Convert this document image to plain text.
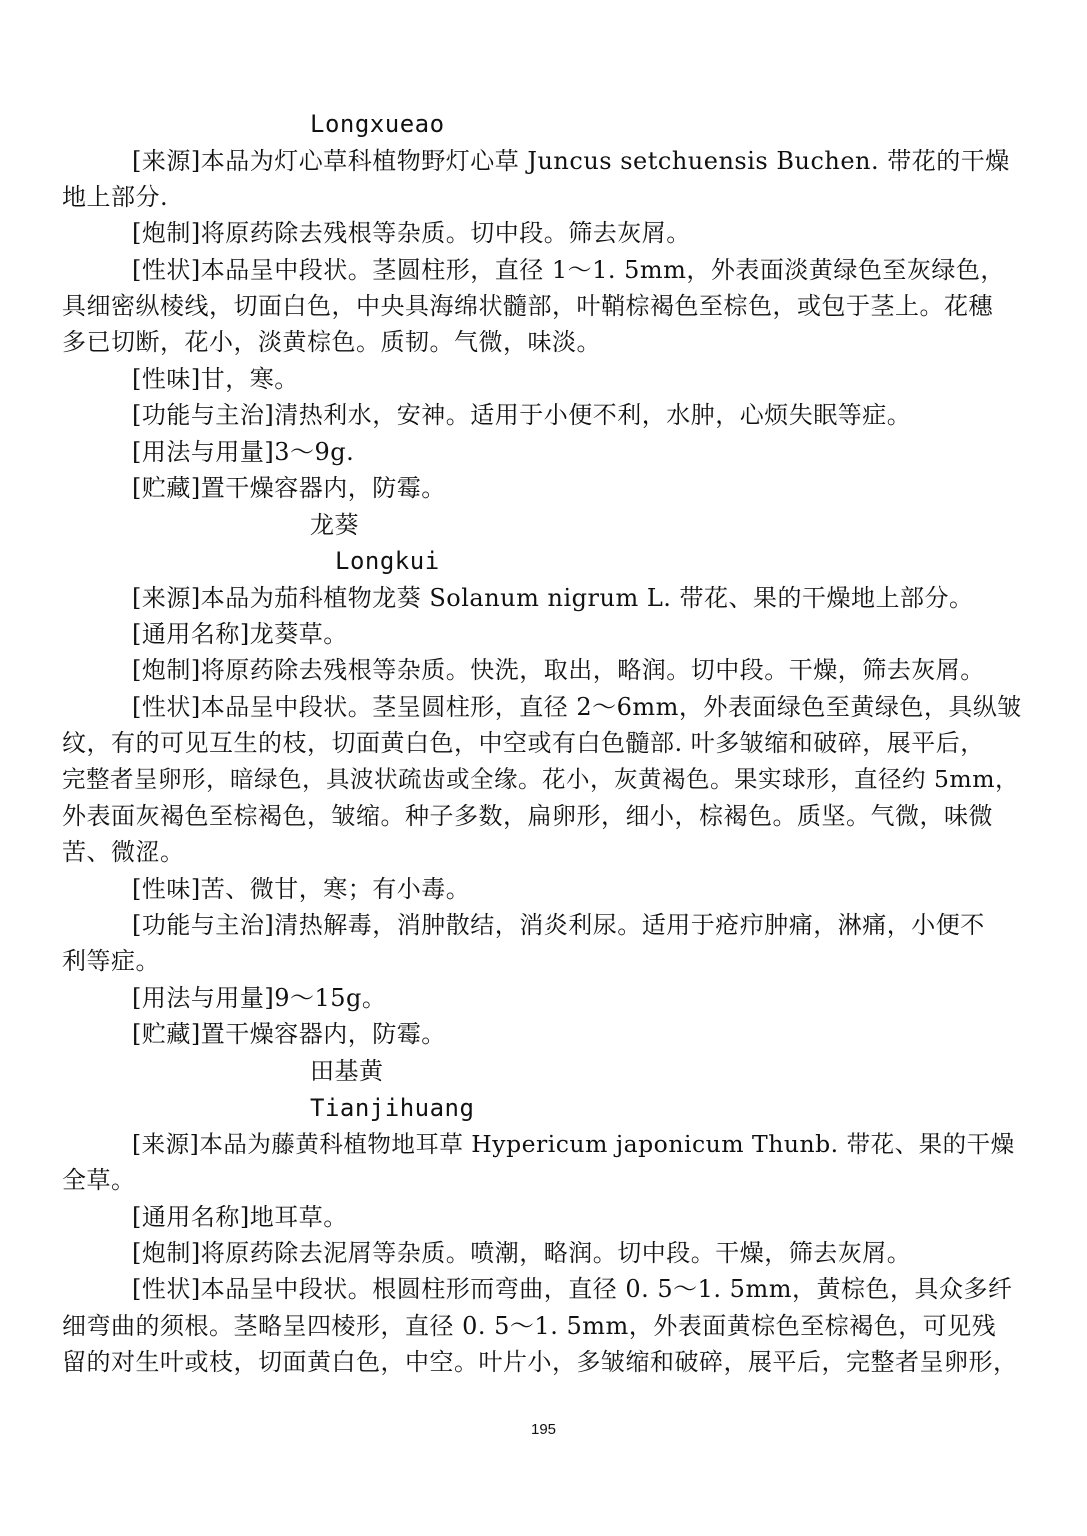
Longxueao
[来源]本品为灯心草科植物野灯心草 Juncus setchuensis Buchen. 带花的干燥
地上部分.
[炮制]将原药除去残根等杂质。切中段。筛去灰屑。
[性状]本品呈中段状。茎圆柱形，直径 1～1. 5mm，外表面淡黄绿色至灰绿色，
具细密纵棱线，切面白色，中央具海绵状髓部，叶鞘棕褐色至棕色，或包于茎上。花穗
多已切断，花小，淡黄棕色。质韧。气微，味淡。
[性味]甘，寒。
[功能与主治]清热利水，安神。适用于小便不利，水肿，心烦失眠等症。
[用法与用量]3～9g.
[贮藏]置干燥容器内，防霉。
龙葵
Longkui
[来源]本品为茄科植物龙葵 Solanum nigrum L. 带花、果的干燥地上部分。
[通用名称]龙葵草。
[炮制]将原药除去残根等杂质。快洗，取出，略润。切中段。干燥，筛去灰屑。
[性状]本品呈中段状。茎呈圆柱形，直径 2～6mm，外表面绿色至黄绿色，具纵皱
纹，有的可见互生的枝，切面黄白色，中空或有白色髓部. 叶多皱缩和破碎，展平后，
完整者呈卵形，暗绿色，具波状疏齿或全缘。花小，灰黄褐色。果实球形，直径约 5mm，
外表面灰褐色至棕褐色，皱缩。种子多数，扁卵形，细小，棕褐色。质坚。气微，味微
苦、微涩。
[性味]苦、微甘，寒；有小毒。
[功能与主治]清热解毒，消肿散结，消炎利尿。适用于疮疖肿痛，淋痛，小便不
利等症。
[用法与用量]9～15g。
[贮藏]置干燥容器内，防霉。
田基黄
Tianjihuang
[来源]本品为藤黄科植物地耳草 Hypericum japonicum Thunb. 带花、果的干燥
全草。
[通用名称]地耳草。
[炮制]将原药除去泥屑等杂质。喷潮，略润。切中段。干燥，筛去灰屑。
[性状]本品呈中段状。根圆柱形而弯曲，直径 0. 5～1. 5mm，黄棕色，具众多纤
细弯曲的须根。茎略呈四棱形，直径 0. 5～1. 5mm，外表面黄棕色至棕褐色，可见残
留的对生叶或枝，切面黄白色，中空。叶片小，多皱缩和破碎，展平后，完整者呈卵形，
195
